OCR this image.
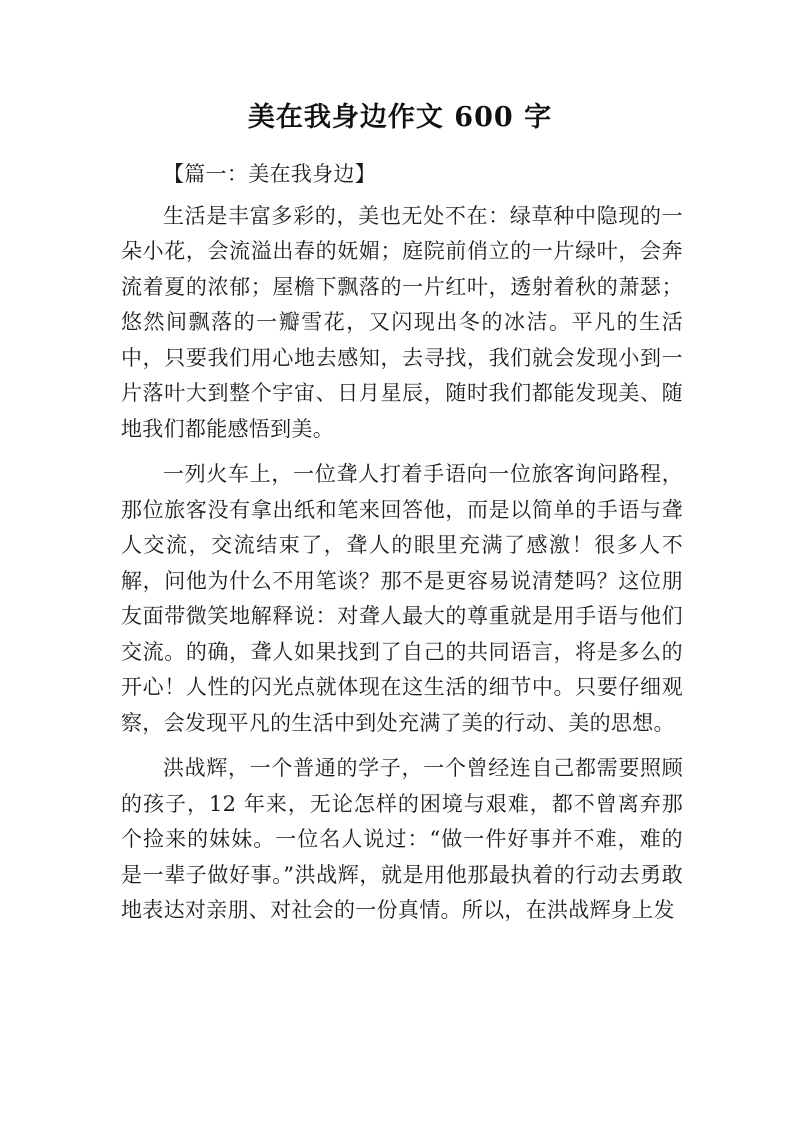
美在我身边作文 600 字

【篇一：美在我身边】

生活是丰富多彩的，美也无处不在：绿草种中隐现的一朵小花，会流溢出春的妩媚；庭院前俏立的一片绿叶，会奔流着夏的浓郁；屋檐下飘落的一片红叶，透射着秋的萧瑟；悠然间飘落的一瓣雪花，又闪现出冬的冰洁。平凡的生活中，只要我们用心地去感知，去寻找，我们就会发现小到一片落叶大到整个宇宙、日月星辰，随时我们都能发现美、随地我们都能感悟到美。

一列火车上，一位聋人打着手语向一位旅客询问路程，那位旅客没有拿出纸和笔来回答他，而是以简单的手语与聋人交流，交流结束了，聋人的眼里充满了感激！很多人不解，问他为什么不用笔谈？那不是更容易说清楚吗？这位朋友面带微笑地解释说：对聋人最大的尊重就是用手语与他们交流。的确，聋人如果找到了自己的共同语言，将是多么的开心！人性的闪光点就体现在这生活的细节中。只要仔细观察，会发现平凡的生活中到处充满了美的行动、美的思想。

洪战辉，一个普通的学子，一个曾经连自己都需要照顾的孩子，12 年来，无论怎样的困境与艰难，都不曾离弃那个捡来的妹妹。一位名人说过：“做一件好事并不难，难的是一辈子做好事。”洪战辉，就是用他那最执着的行动去勇敢地表达对亲朋、对社会的一份真情。所以，在洪战辉身上发
